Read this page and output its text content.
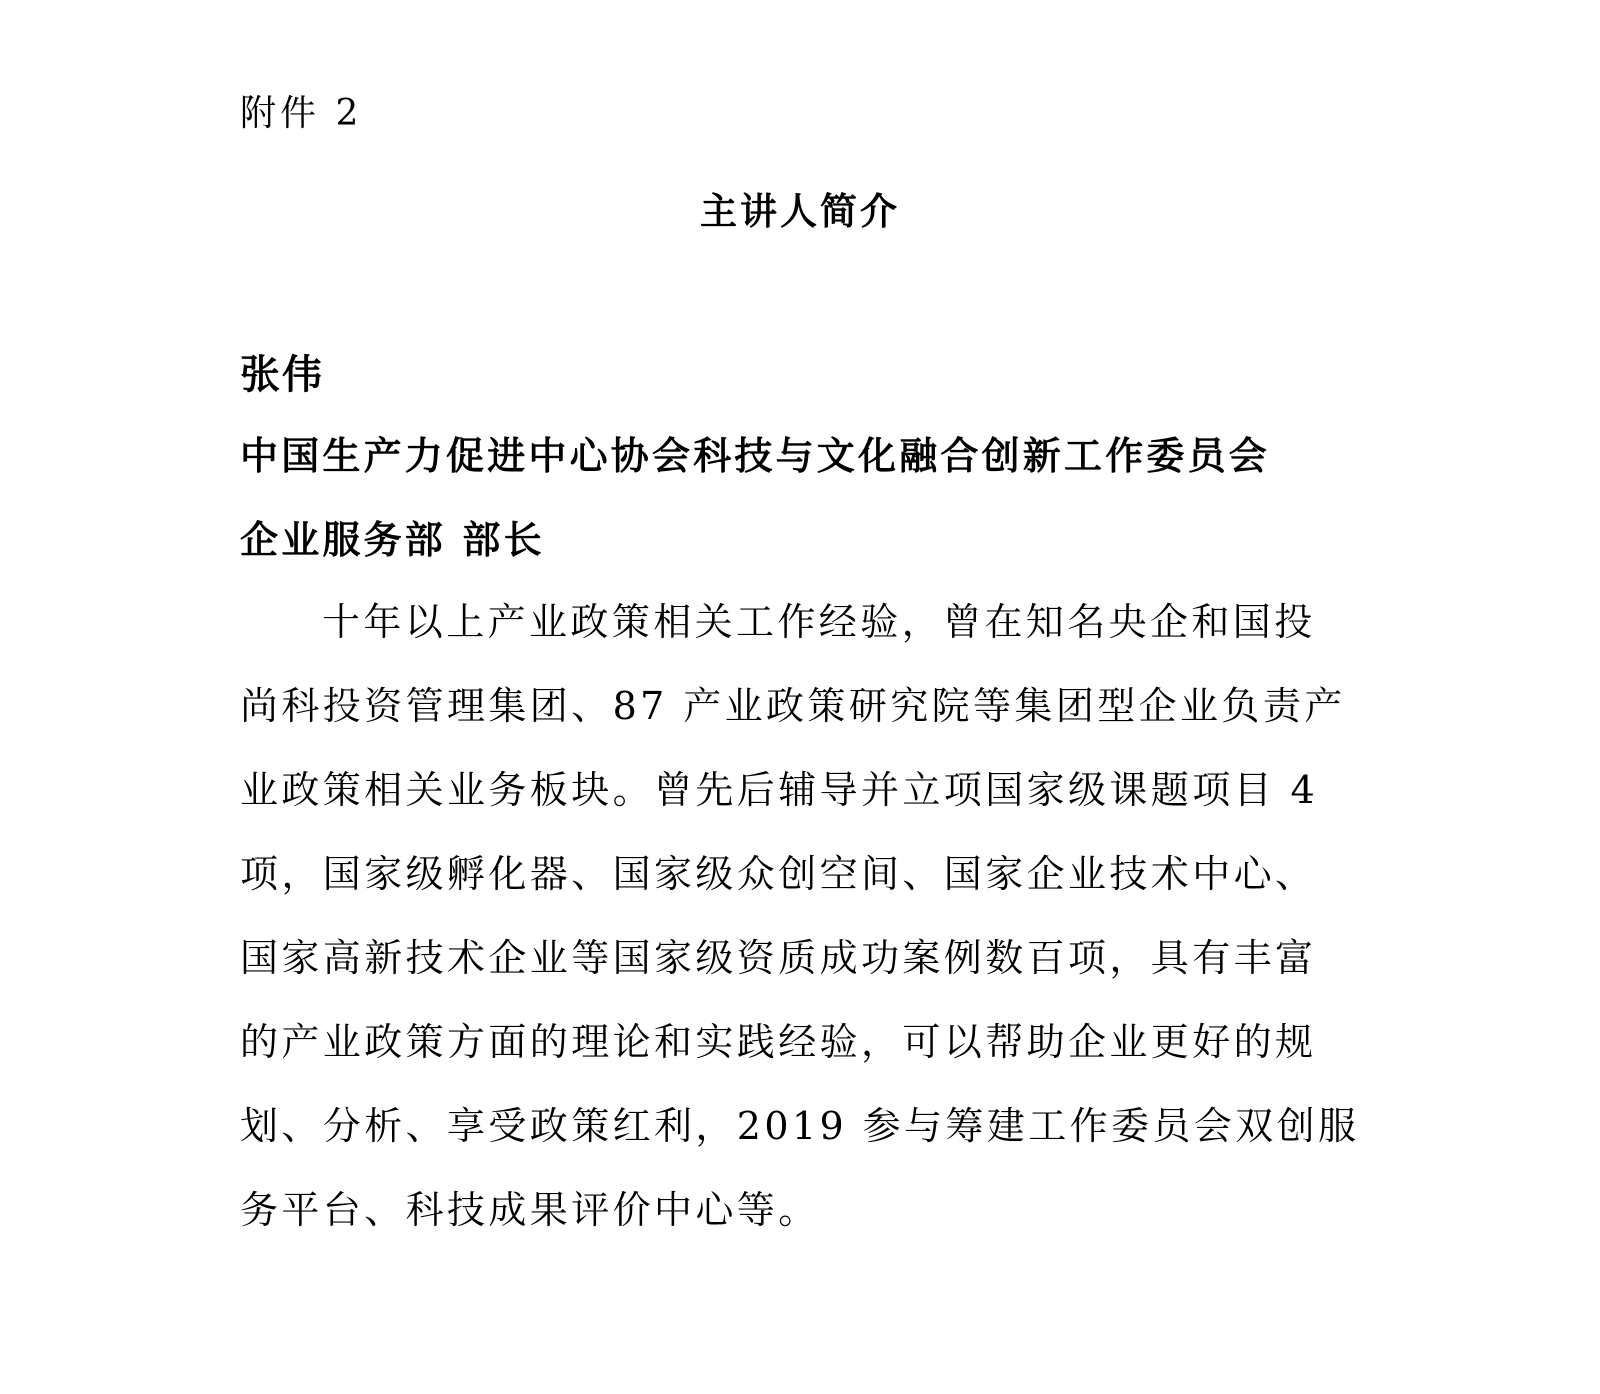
附件 2
主讲人简介
张伟
中国生产力促进中心协会科技与文化融合创新工作委员会
企业服务部 部长
十年以上产业政策相关工作经验，曾在知名央企和国投
尚科投资管理集团、87 产业政策研究院等集团型企业负责产
业政策相关业务板块。曾先后辅导并立项国家级课题项目 4
项，国家级孵化器、国家级众创空间、国家企业技术中心、
国家高新技术企业等国家级资质成功案例数百项，具有丰富
的产业政策方面的理论和实践经验，可以帮助企业更好的规
划、分析、享受政策红利，2019 参与筹建工作委员会双创服
务平台、科技成果评价中心等。
